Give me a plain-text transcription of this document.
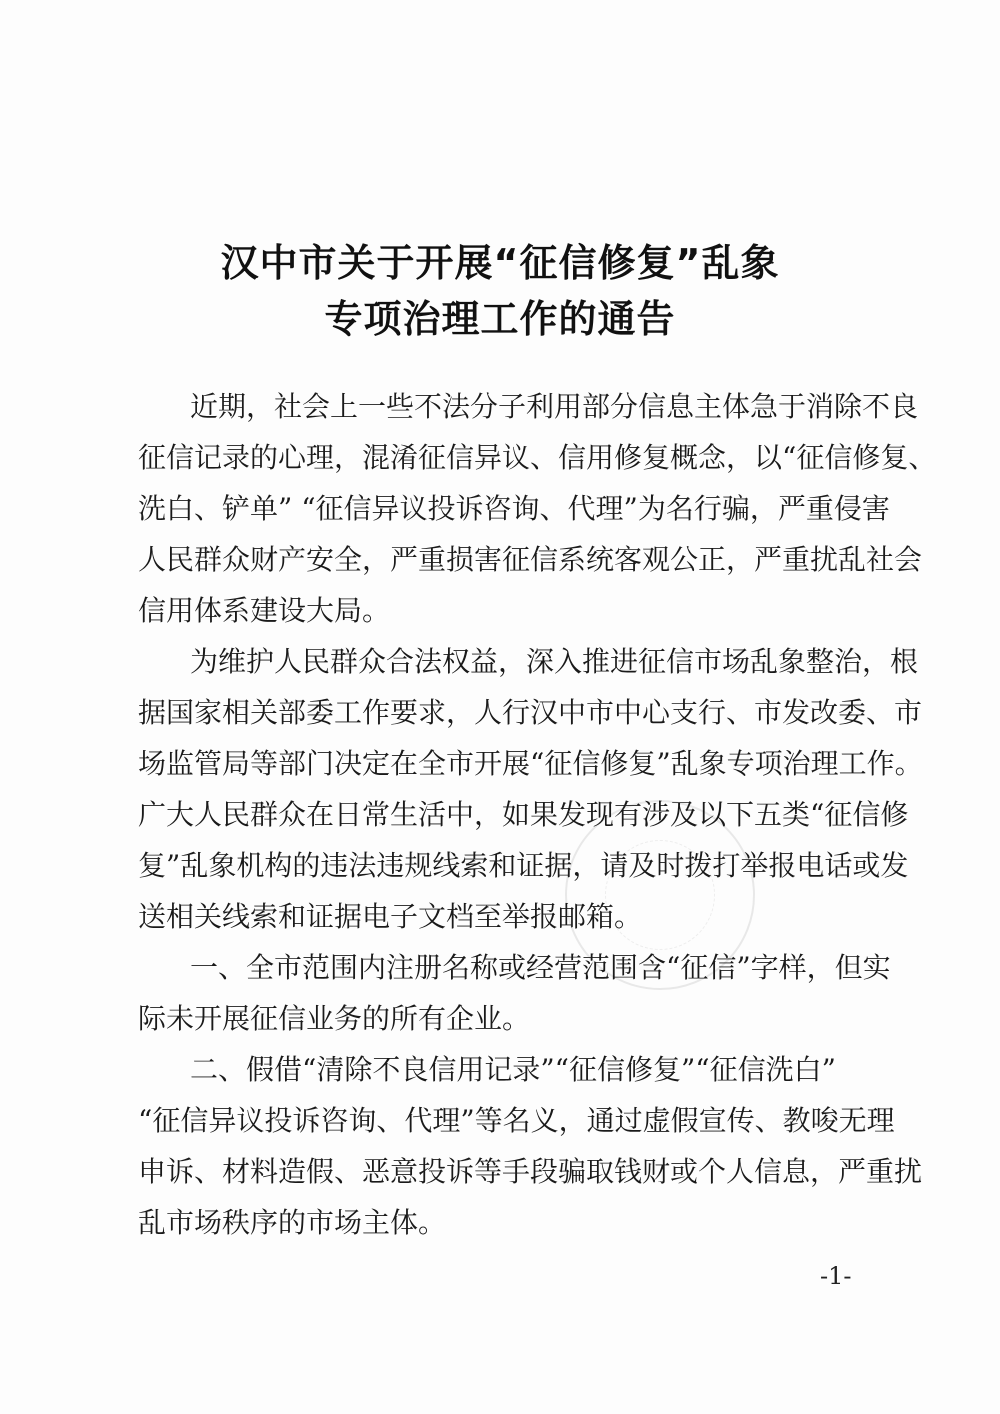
汉中市关于开展“征信修复”乱象
专项治理工作的通告
近期，社会上一些不法分子利用部分信息主体急于消除不良
征信记录的心理，混淆征信异议、信用修复概念，以“征信修复、
洗白、铲单” “征信异议投诉咨询、代理”为名行骗，严重侵害
人民群众财产安全，严重损害征信系统客观公正，严重扰乱社会
信用体系建设大局。
为维护人民群众合法权益，深入推进征信市场乱象整治，根
据国家相关部委工作要求，人行汉中市中心支行、市发改委、市
场监管局等部门决定在全市开展“征信修复”乱象专项治理工作。
广大人民群众在日常生活中，如果发现有涉及以下五类“征信修
复”乱象机构的违法违规线索和证据，请及时拨打举报电话或发
送相关线索和证据电子文档至举报邮箱。
一、全市范围内注册名称或经营范围含“征信”字样，但实
际未开展征信业务的所有企业。
二、假借“清除不良信用记录”“征信修复”“征信洗白”
“征信异议投诉咨询、代理”等名义，通过虚假宣传、教唆无理
申诉、材料造假、恶意投诉等手段骗取钱财或个人信息，严重扰
乱市场秩序的市场主体。
-1-
